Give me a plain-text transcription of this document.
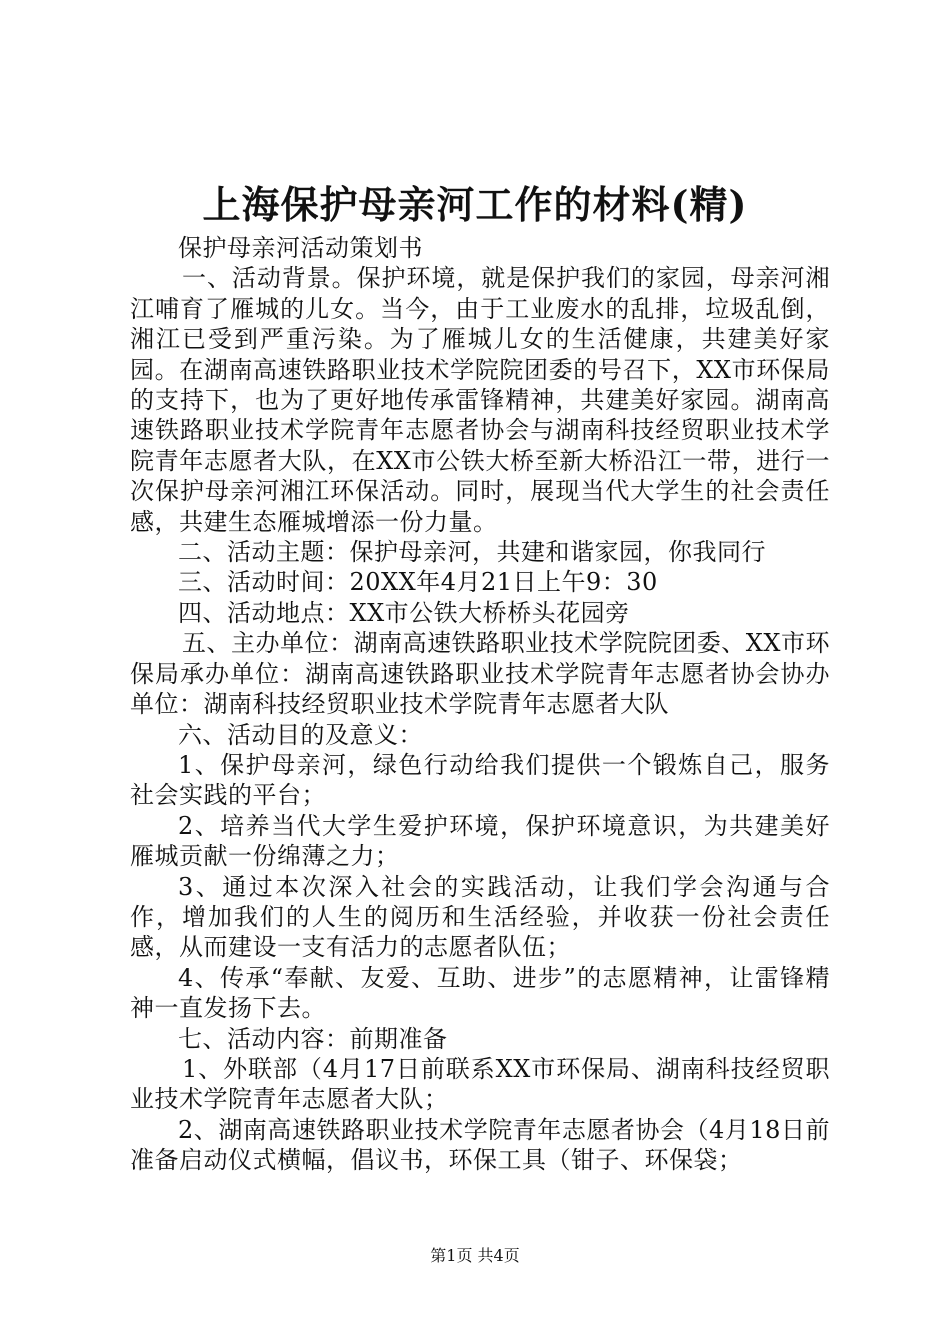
上海保护母亲河工作的材料(精)

保护母亲河活动策划书

一、活动背景。保护环境，就是保护我们的家园，母亲河湘江哺育了雁城的儿女。当今，由于工业废水的乱排，垃圾乱倒，湘江已受到严重污染。为了雁城儿女的生活健康，共建美好家园。在湖南高速铁路职业技术学院院团委的号召下，XX市环保局的支持下，也为了更好地传承雷锋精神，共建美好家园。湖南高速铁路职业技术学院青年志愿者协会与湖南科技经贸职业技术学院青年志愿者大队，在XX市公铁大桥至新大桥沿江一带，进行一次保护母亲河湘江环保活动。同时，展现当代大学生的社会责任感，共建生态雁城增添一份力量。

二、活动主题：保护母亲河，共建和谐家园，你我同行

三、活动时间：20XX年4月21日上午9：30

四、活动地点：XX市公铁大桥桥头花园旁

五、主办单位：湖南高速铁路职业技术学院院团委、XX市环保局承办单位：湖南高速铁路职业技术学院青年志愿者协会协办单位：湖南科技经贸职业技术学院青年志愿者大队

六、活动目的及意义：

1、保护母亲河，绿色行动给我们提供一个锻炼自己，服务社会实践的平台；

2、培养当代大学生爱护环境，保护环境意识，为共建美好雁城贡献一份绵薄之力；

3、通过本次深入社会的实践活动，让我们学会沟通与合作，增加我们的人生的阅历和生活经验，并收获一份社会责任感，从而建设一支有活力的志愿者队伍；

4、传承“奉献、友爱、互助、进步”的志愿精神，让雷锋精神一直发扬下去。

七、活动内容：前期准备

1、外联部（4月17日前联系XX市环保局、湖南科技经贸职业技术学院青年志愿者大队；

2、湖南高速铁路职业技术学院青年志愿者协会（4月18日前准备启动仪式横幅，倡议书，环保工具（钳子、环保袋；

第1页 共4页
